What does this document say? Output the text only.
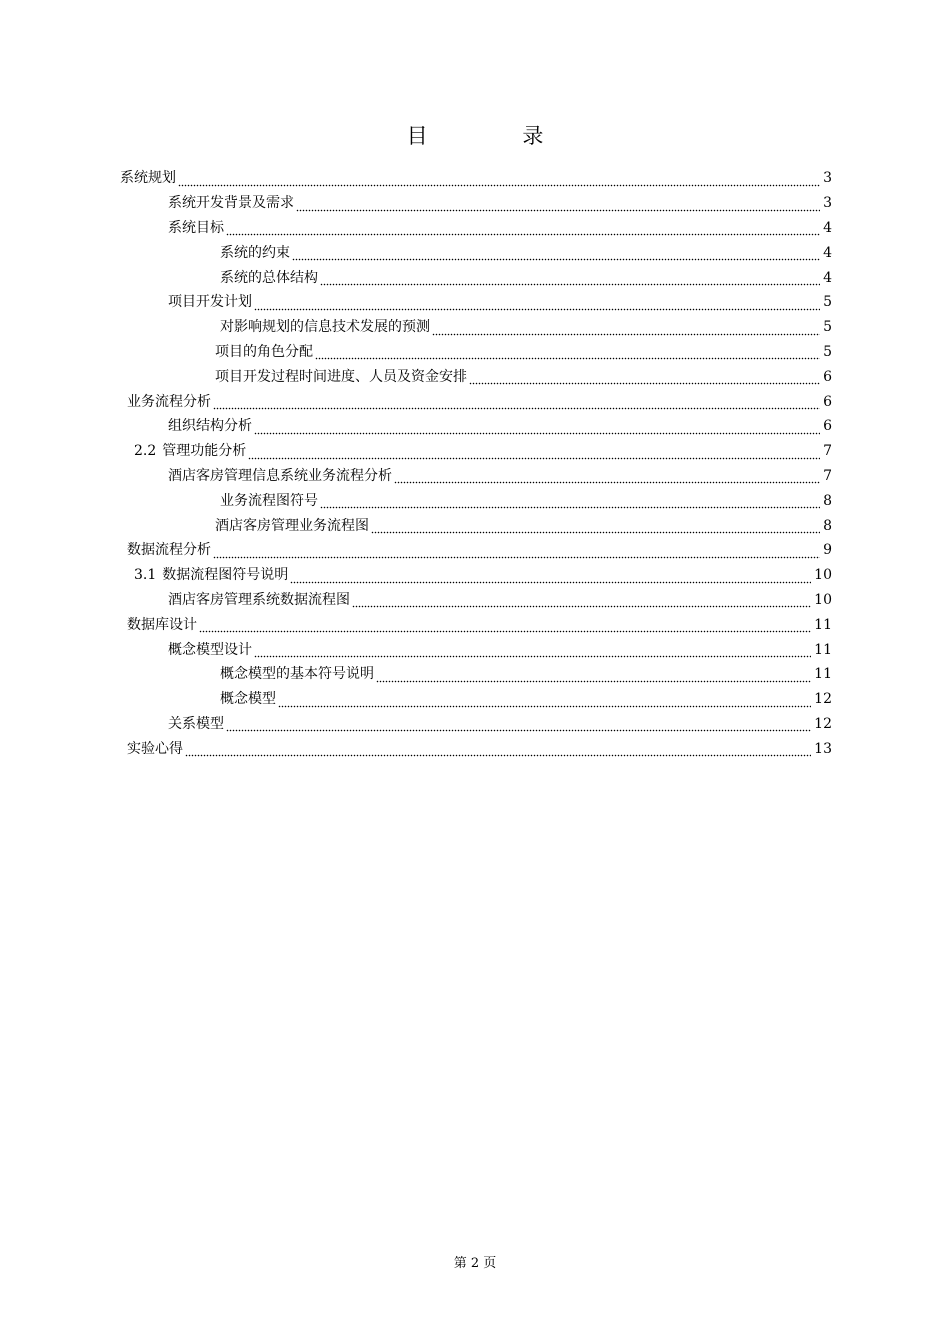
目 录
系统规划	3
系统开发背景及需求	3
系统目标	4
系统的约束	4
系统的总体结构	4
项目开发计划	5
对影响规划的信息技术发展的预测	5
项目的角色分配	5
项目开发过程时间进度、人员及资金安排	6
业务流程分析	6
组织结构分析	6
2.2 管理功能分析	7
酒店客房管理信息系统业务流程分析	7
业务流程图符号	8
酒店客房管理业务流程图	8
数据流程分析	9
3.1 数据流程图符号说明	10
酒店客房管理系统数据流程图	10
数据库设计	11
概念模型设计	11
概念模型的基本符号说明	11
概念模型	12
关系模型	12
实验心得	13

第 2 页
